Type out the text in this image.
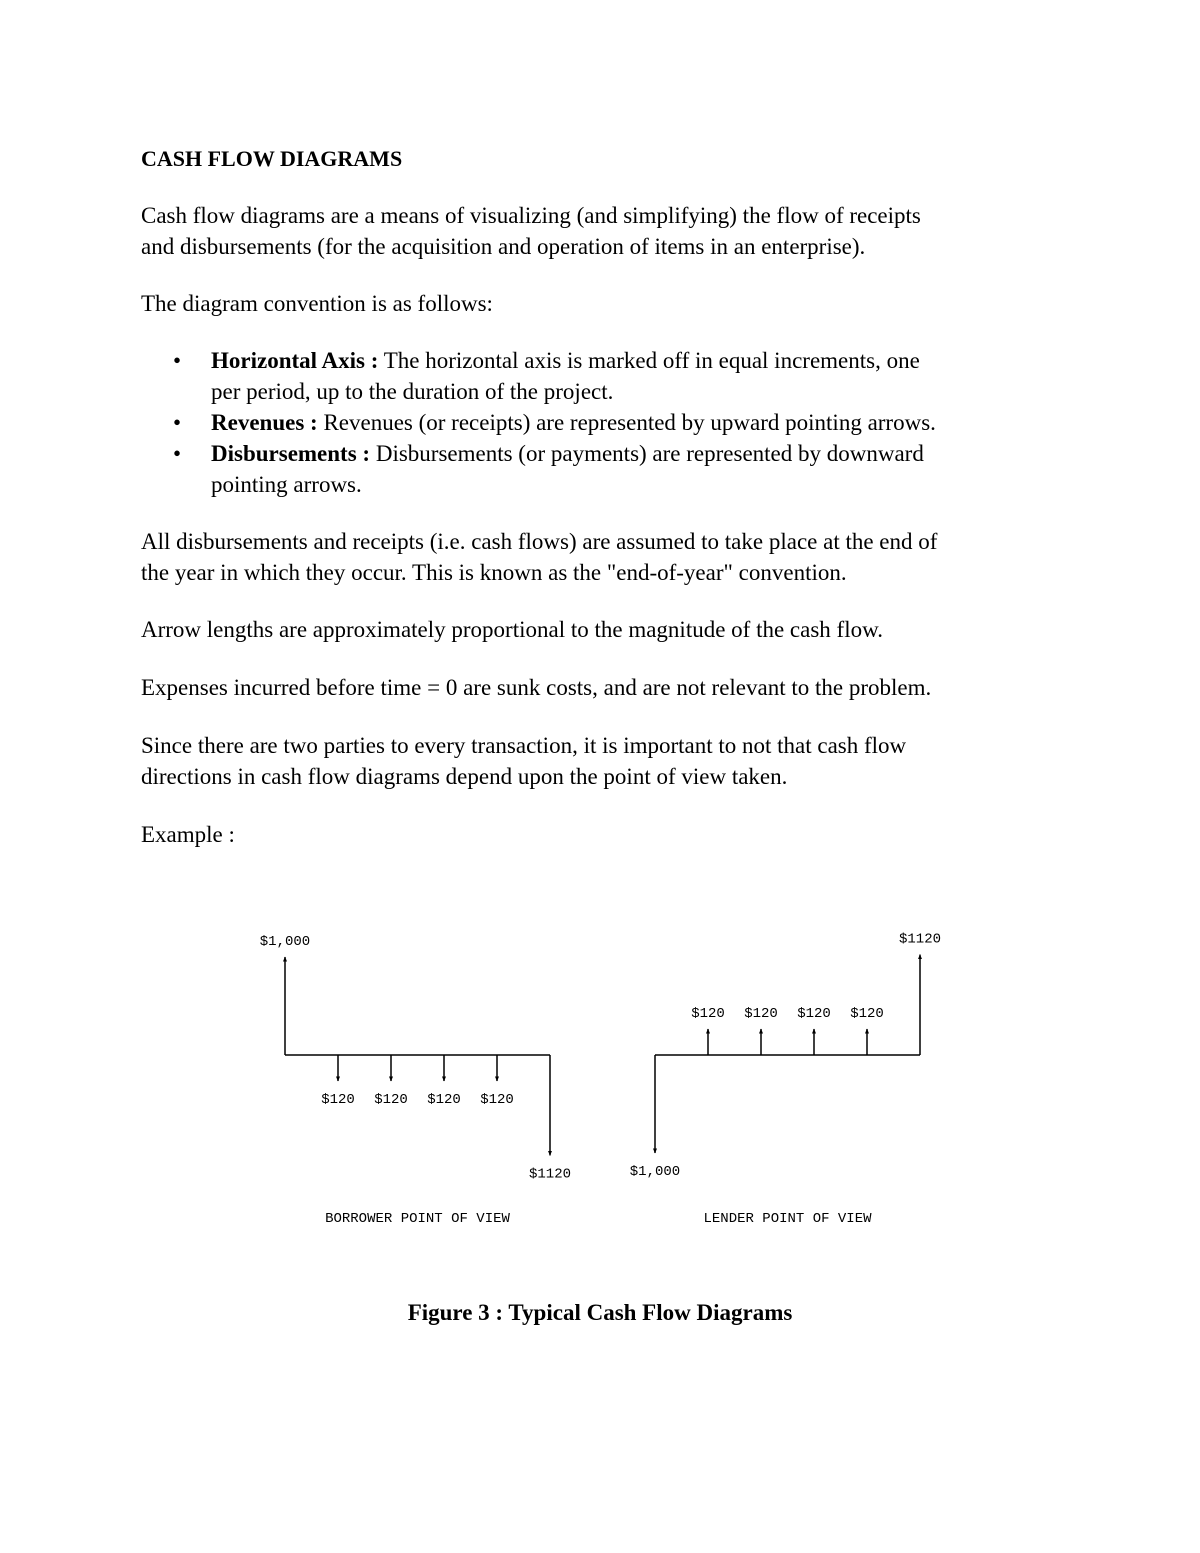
CASH FLOW DIAGRAMS

Cash flow diagrams are a means of visualizing (and simplifying) the flow of receipts

and disbursements (for the acquisition and operation of items in an enterprise).

The diagram convention is as follows:

• Horizontal Axis : The horizontal axis is marked off in equal increments, one
per period, up to the duration of the project.
• Revenues : Revenues (or receipts) are represented by upward pointing arrows.
• Disbursements : Disbursements (or payments) are represented by downward
pointing arrows.

All disbursements and receipts (i.e. cash flows) are assumed to take place at the end of

the year in which they occur. This is known as the "end-of-year" convention.

Arrow lengths are approximately proportional to the magnitude of the cash flow.

Expenses incurred before time = 0 are sunk costs, and are not relevant to the problem.

Since there are two parties to every transaction, it is important to not that cash flow

directions in cash flow diagrams depend upon the point of view taken.

Example :

$1,000
$120 $120 $120 $120
$1120
BORROWER POINT OF VIEW
$1,000
$120 $120 $120 $120
$1120
LENDER POINT OF VIEW

Figure 3 : Typical Cash Flow Diagrams
